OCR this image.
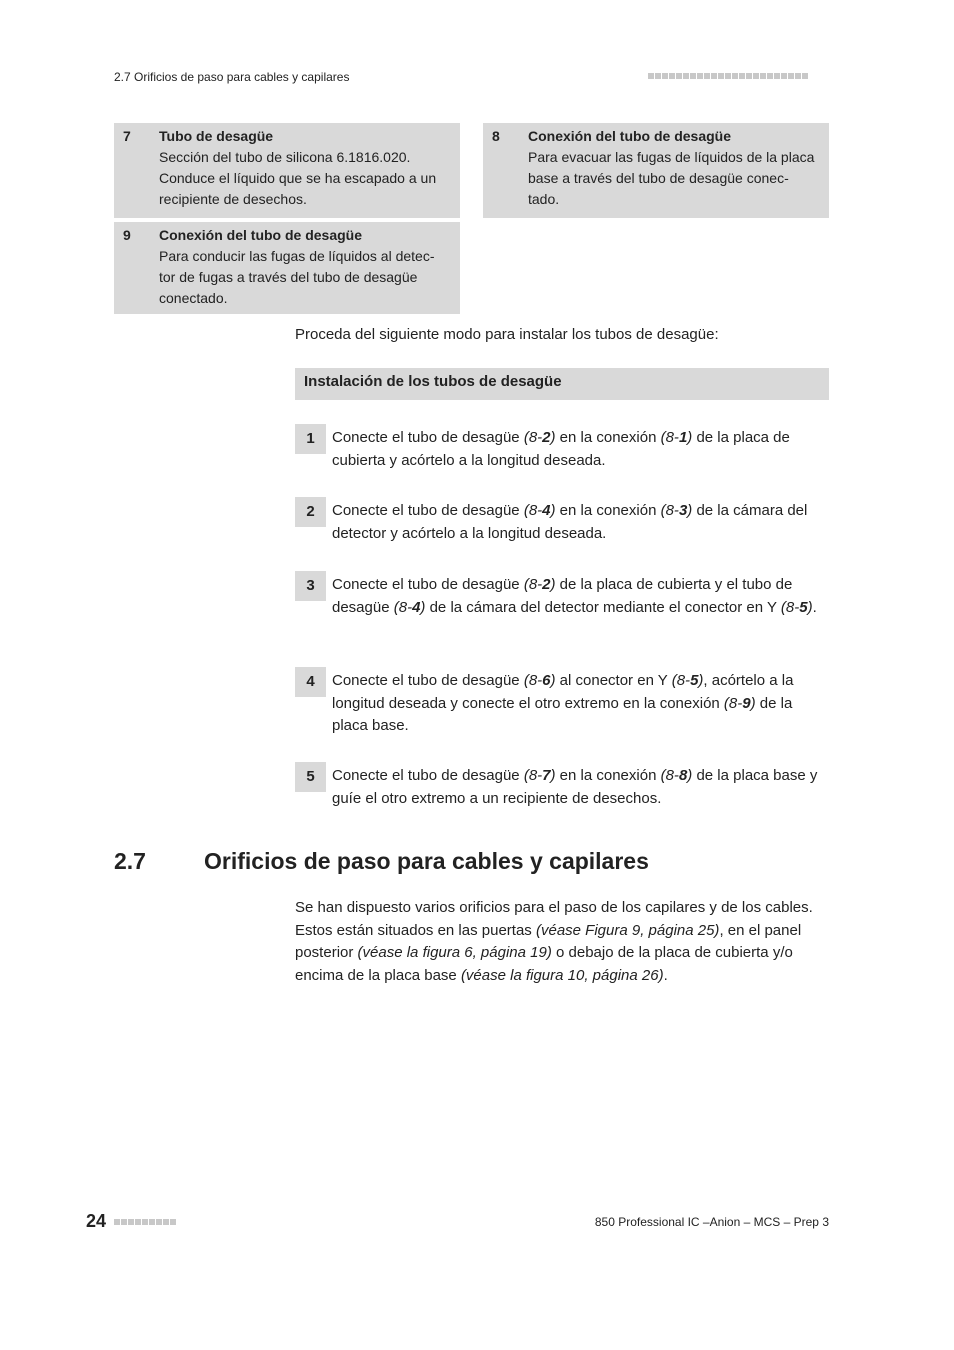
2.7 Orificios de paso para cables y capilares
7 Tubo de desagüe
Sección del tubo de silicona 6.1816.020.
Conduce el líquido que se ha escapado a un
recipiente de desechos.
8 Conexión del tubo de desagüe
Para evacuar las fugas de líquidos de la placa
base a través del tubo de desagüe conec-
tado.
9 Conexión del tubo de desagüe
Para conducir las fugas de líquidos al detec-
tor de fugas a través del tubo de desagüe
conectado.
Proceda del siguiente modo para instalar los tubos de desagüe:
Instalación de los tubos de desagüe
1	Conecte el tubo de desagüe (8-2) en la conexión (8-1) de la placa de cubierta y acórtelo a la longitud deseada.
2	Conecte el tubo de desagüe (8-4) en la conexión (8-3) de la cámara del detector y acórtelo a la longitud deseada.
3	Conecte el tubo de desagüe (8-2) de la placa de cubierta y el tubo de desagüe (8-4) de la cámara del detector mediante el conector en Y (8-5).
4	Conecte el tubo de desagüe (8-6) al conector en Y (8-5), acórtelo a la longitud deseada y conecte el otro extremo en la conexión (8-9) de la placa base.
5	Conecte el tubo de desagüe (8-7) en la conexión (8-8) de la placa base y guíe el otro extremo a un recipiente de desechos.
2.7	Orificios de paso para cables y capilares
Se han dispuesto varios orificios para el paso de los capilares y de los cables. Estos están situados en las puertas (véase Figura 9, página 25), en el panel posterior (véase la figura 6, página 19) o debajo de la placa de cubierta y/o encima de la placa base (véase la figura 10, página 26).
24	850 Professional IC –Anion – MCS – Prep 3
